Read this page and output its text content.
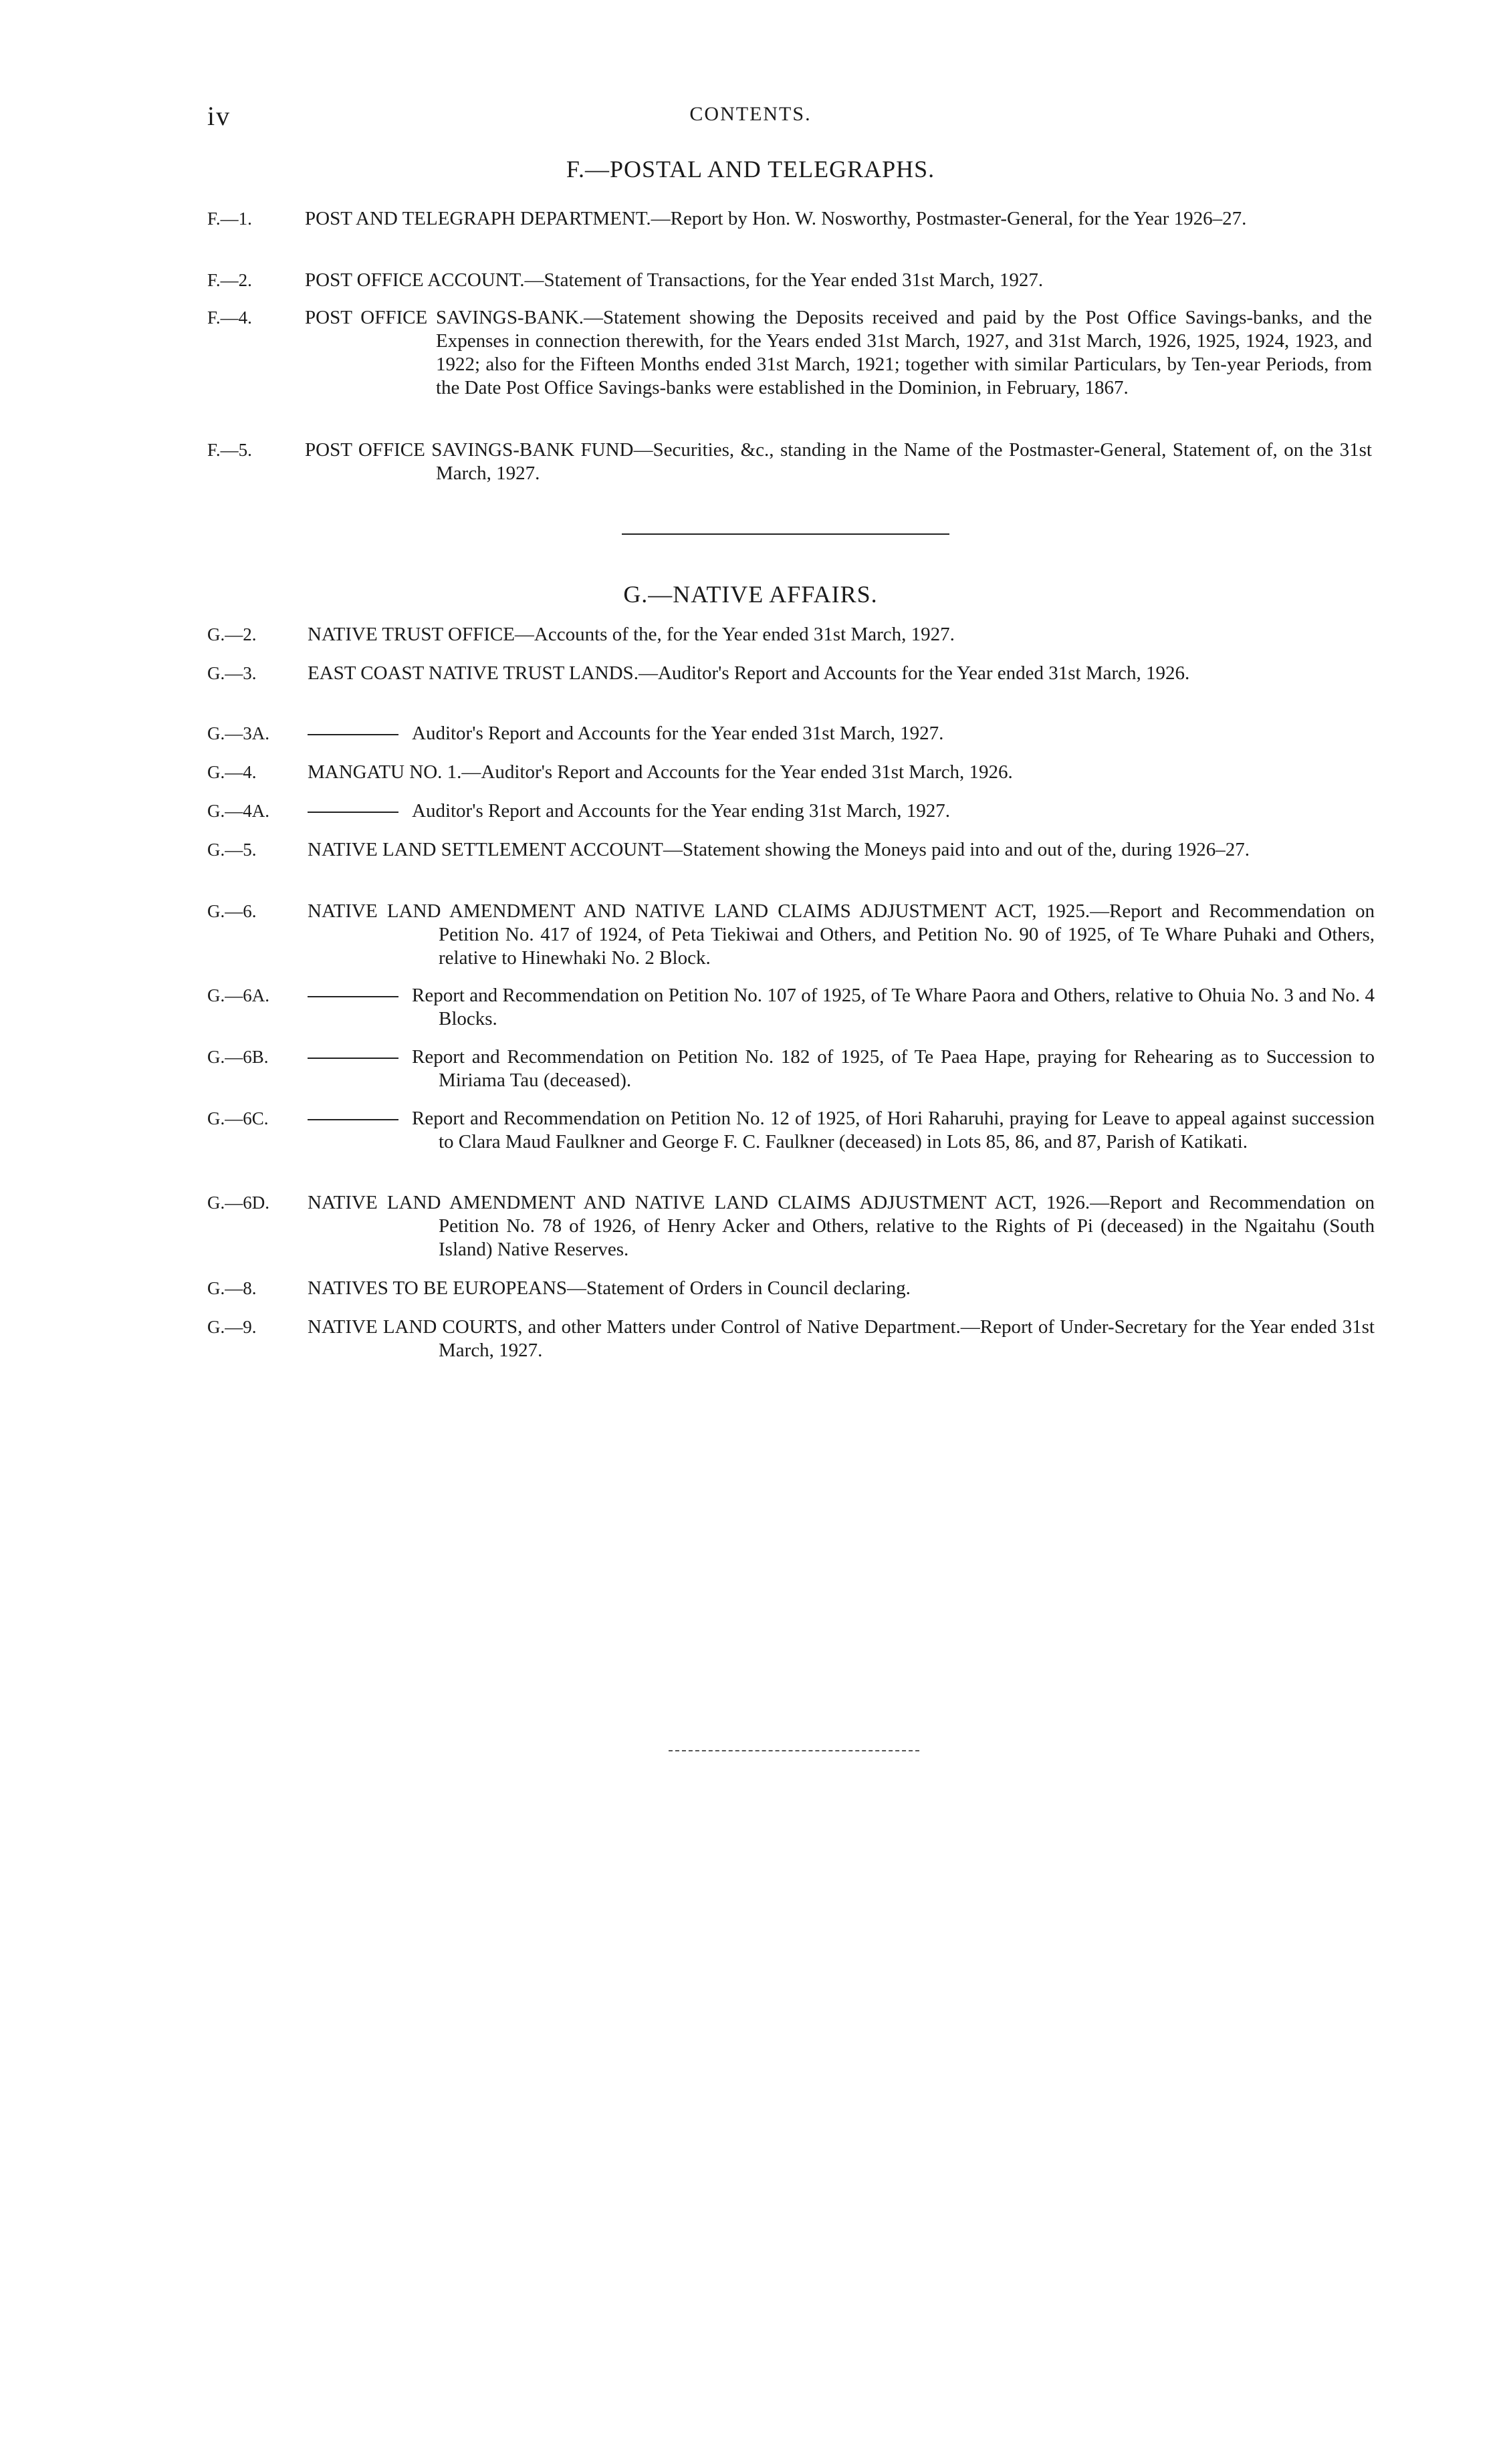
iv	CONTENTS.
F.—POSTAL AND TELEGRAPHS.
F.—1.	POST AND TELEGRAPH DEPARTMENT.—Report by Hon. W. Nosworthy, Postmaster-General, for the Year 1926–27.
F.—2.	POST OFFICE ACCOUNT.—Statement of Transactions, for the Year ended 31st March, 1927.
F.—4.	POST OFFICE SAVINGS-BANK.—Statement showing the Deposits received and paid by the Post Office Savings-banks, and the Expenses in connection therewith, for the Years ended 31st March, 1927, and 31st March, 1926, 1925, 1924, 1923, and 1922; also for the Fifteen Months ended 31st March, 1921; together with similar Particulars, by Ten-year Periods, from the Date Post Office Savings-banks were established in the Dominion, in February, 1867.
F.—5.	POST OFFICE SAVINGS-BANK FUND—Securities, &c., standing in the Name of the Postmaster-General, Statement of, on the 31st March, 1927.
G.—NATIVE AFFAIRS.
G.—2.	NATIVE TRUST OFFICE—Accounts of the, for the Year ended 31st March, 1927.
G.—3.	EAST COAST NATIVE TRUST LANDS.—Auditor's Report and Accounts for the Year ended 31st March, 1926.
G.—3A.	Auditor's Report and Accounts for the Year ended 31st March, 1927.
G.—4.	MANGATU NO. 1.—Auditor's Report and Accounts for the Year ended 31st March, 1926.
G.—4A.	Auditor's Report and Accounts for the Year ending 31st March, 1927.
G.—5.	NATIVE LAND SETTLEMENT ACCOUNT—Statement showing the Moneys paid into and out of the, during 1926–27.
G.—6.	NATIVE LAND AMENDMENT AND NATIVE LAND CLAIMS ADJUSTMENT ACT, 1925.—Report and Recommendation on Petition No. 417 of 1924, of Peta Tiekiwai and Others, and Petition No. 90 of 1925, of Te Whare Puhaki and Others, relative to Hinewhaki No. 2 Block.
G.—6A.	Report and Recommendation on Petition No. 107 of 1925, of Te Whare Paora and Others, relative to Ohuia No. 3 and No. 4 Blocks.
G.—6B.	Report and Recommendation on Petition No. 182 of 1925, of Te Paea Hape, praying for Rehearing as to Succession to Miriama Tau (deceased).
G.—6C.	Report and Recommendation on Petition No. 12 of 1925, of Hori Raharuhi, praying for Leave to appeal against succession to Clara Maud Faulkner and George F. C. Faulkner (deceased) in Lots 85, 86, and 87, Parish of Katikati.
G.—6D. NATIVE LAND AMENDMENT AND NATIVE LAND CLAIMS ADJUSTMENT ACT, 1926.—Report and Recommendation on Petition No. 78 of 1926, of Henry Acker and Others, relative to the Rights of Pi (deceased) in the Ngaitahu (South Island) Native Reserves.
G.—8.	NATIVES TO BE EUROPEANS—Statement of Orders in Council declaring.
G.—9.	NATIVE LAND COURTS, and other Matters under Control of Native Department.—Report of Under-Secretary for the Year ended 31st March, 1927.
